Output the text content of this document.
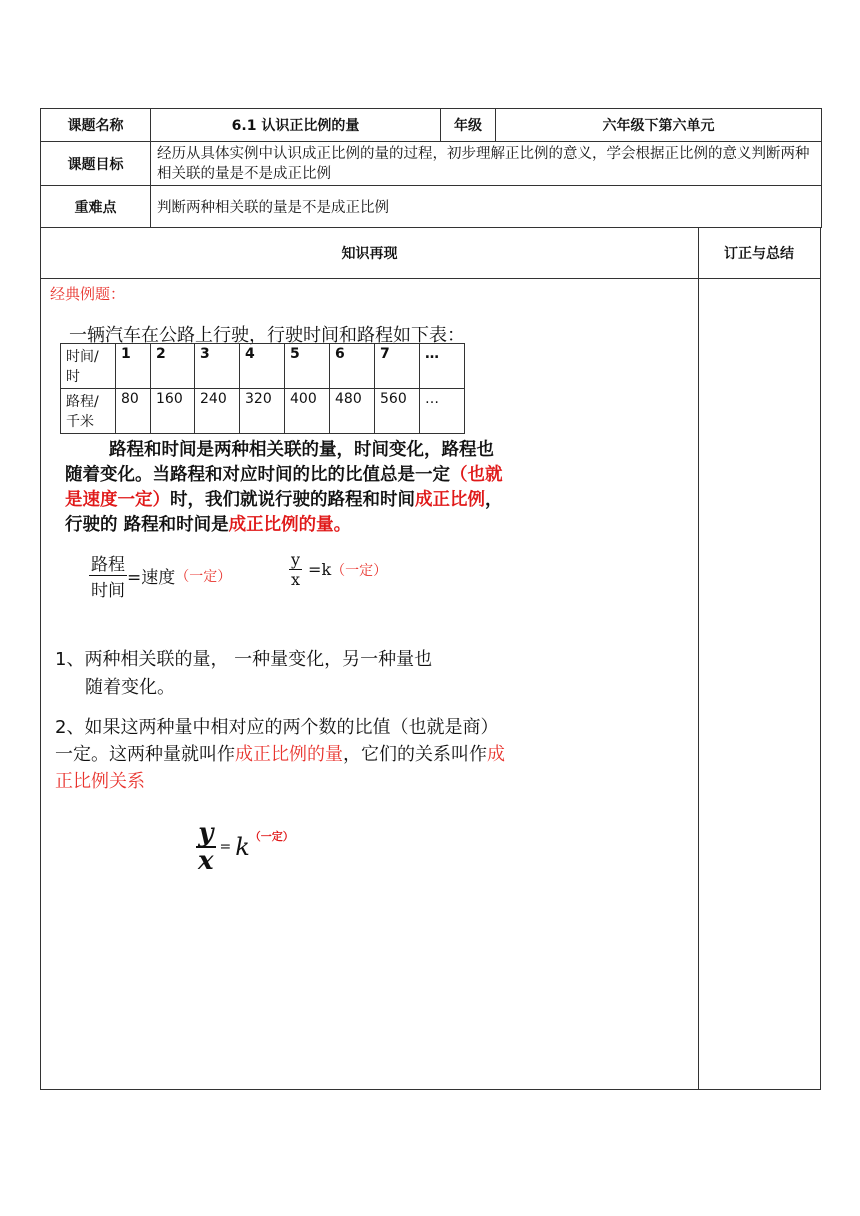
课题名称	6.1 认识正比例的量	年级	六年级下第六单元
课题目标	经历从具体实例中认识成正比例的量的过程，初步理解正比例的意义，学会根据正比例的意义判断两种相关联的量是不是成正比例		
重难点	判断两种相关联的量是不是成正比例		
知识再现	订正与总结
经典例题：
一辆汽车在公路上行驶，行驶时间和路程如下表：
时间/
时	1	2	3	4	5	6	7	…

路程/
千米	80	160	240	320	400	480	560	…
路程和时间是两种相关联的量，时间变化，路程也随着变化。当路程和对应时间的比的比值总是一定（也就是速度一定）时，我们就说行驶的路程和时间成正比例，行驶的 路程和时间是成正比例的量。
$\frac{\text{路程}}{\text{时间}}$ =速度 （一定）	$\frac{y}{x} =k$ （一定）
1、两种相关联的量， 一种量变化，另一种量也
随着变化。
2、如果这两种量中相对应的两个数的比值（也就是商）一定。这两种量就叫作成正比例的量，它们的关系叫作成正比例关系
$\frac{y}{x} = k$ （一定）
